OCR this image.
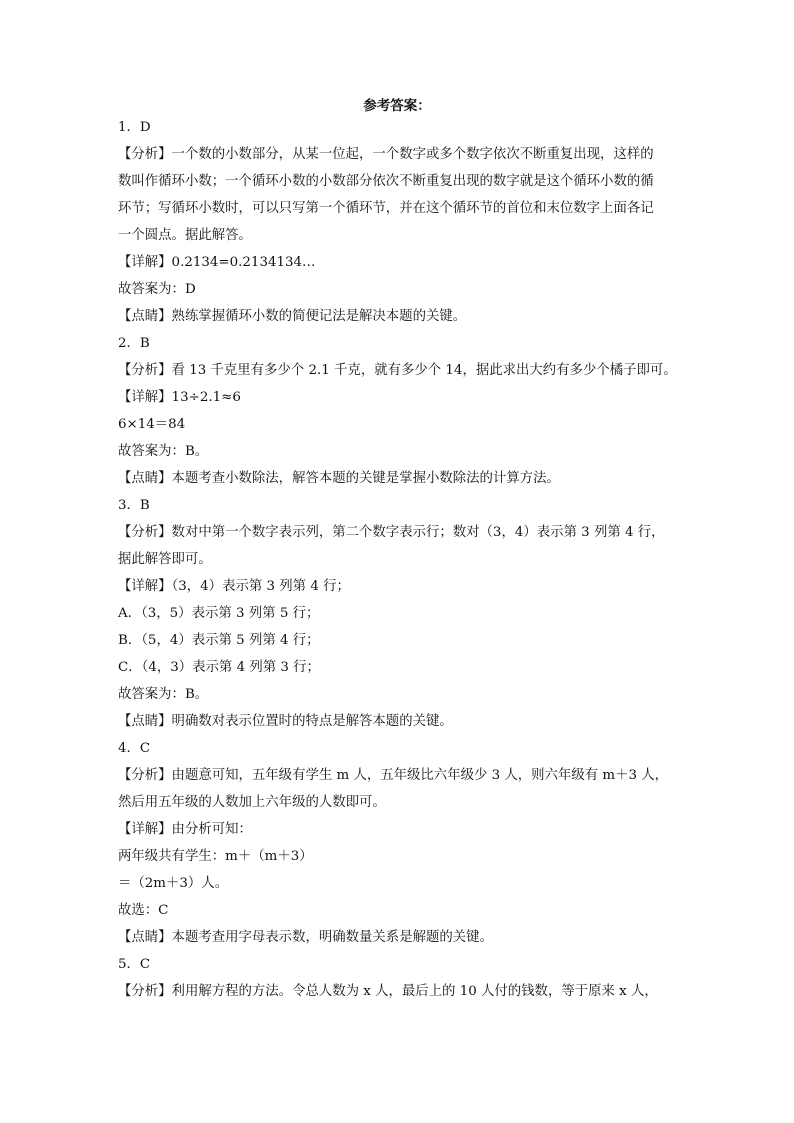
参考答案：
1．D
【分析】一个数的小数部分，从某一位起，一个数字或多个数字依次不断重复出现，这样的
数叫作循环小数；一个循环小数的小数部分依次不断重复出现的数字就是这个循环小数的循
环节；写循环小数时，可以只写第一个循环节，并在这个循环节的首位和末位数字上面各记
一个圆点。据此解答。
【详解】0.2134̇=0.2134134…
故答案为：D
【点睛】熟练掌握循环小数的简便记法是解决本题的关键。
2．B
【分析】看 13 千克里有多少个 2.1 千克，就有多少个 14，据此求出大约有多少个橘子即可。
【详解】13÷2.1≈6
6×14＝84
故答案为：B。
【点睛】本题考查小数除法，解答本题的关键是掌握小数除法的计算方法。
3．B
【分析】数对中第一个数字表示列，第二个数字表示行；数对（3，4）表示第 3 列第 4 行，
据此解答即可。
【详解】（3，4）表示第 3 列第 4 行；
A．（3，5）表示第 3 列第 5 行；
B．（5，4）表示第 5 列第 4 行；
C．（4，3）表示第 4 列第 3 行；
故答案为：B。
【点睛】明确数对表示位置时的特点是解答本题的关键。
4．C
【分析】由题意可知，五年级有学生 m 人，五年级比六年级少 3 人，则六年级有 m＋3 人，
然后用五年级的人数加上六年级的人数即可。
【详解】由分析可知：
两年级共有学生：m＋（m＋3）
＝（2m＋3）人。
故选：C
【点睛】本题考查用字母表示数，明确数量关系是解题的关键。
5．C
【分析】利用解方程的方法。令总人数为 x 人，最后上的 10 人付的钱数，等于原来 x 人，
